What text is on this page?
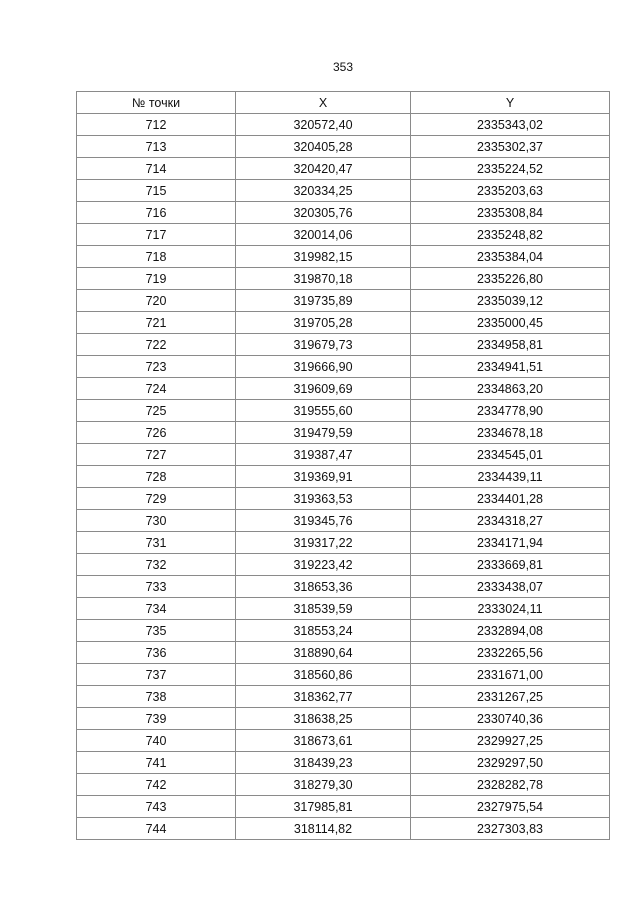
353
№ точки	X	Y
712	320572,40	2335343,02
713	320405,28	2335302,37
714	320420,47	2335224,52
715	320334,25	2335203,63
716	320305,76	2335308,84
717	320014,06	2335248,82
718	319982,15	2335384,04
719	319870,18	2335226,80
720	319735,89	2335039,12
721	319705,28	2335000,45
722	319679,73	2334958,81
723	319666,90	2334941,51
724	319609,69	2334863,20
725	319555,60	2334778,90
726	319479,59	2334678,18
727	319387,47	2334545,01
728	319369,91	2334439,11
729	319363,53	2334401,28
730	319345,76	2334318,27
731	319317,22	2334171,94
732	319223,42	2333669,81
733	318653,36	2333438,07
734	318539,59	2333024,11
735	318553,24	2332894,08
736	318890,64	2332265,56
737	318560,86	2331671,00
738	318362,77	2331267,25
739	318638,25	2330740,36
740	318673,61	2329927,25
741	318439,23	2329297,50
742	318279,30	2328282,78
743	317985,81	2327975,54
744	318114,82	2327303,83
